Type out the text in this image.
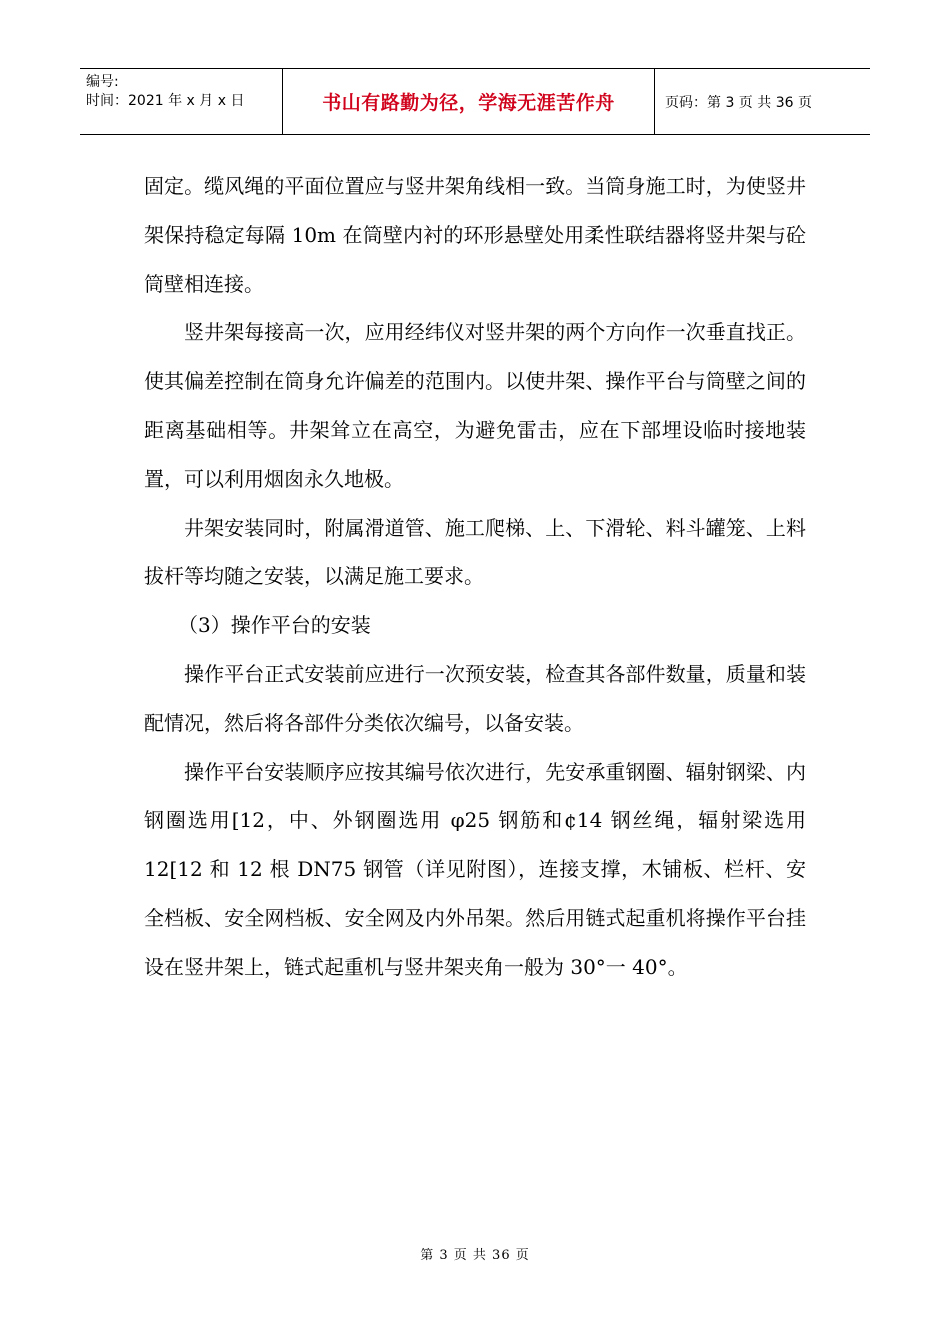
编号:
时间：2021 年 x 月 x 日	书山有路勤为径，学海无涯苦作舟	页码：第 3 页 共 36 页

固定。缆风绳的平面位置应与竖井架角线相一致。当筒身施工时，为使竖井架保持稳定每隔 10m 在筒壁内衬的环形悬壁处用柔性联结器将竖井架与砼筒壁相连接。

竖井架每接高一次，应用经纬仪对竖井架的两个方向作一次垂直找正。使其偏差控制在筒身允许偏差的范围内。以使井架、操作平台与筒壁之间的距离基础相等。井架耸立在高空，为避免雷击，应在下部埋设临时接地装置，可以利用烟囱永久地极。

井架安装同时，附属滑道管、施工爬梯、上、下滑轮、料斗罐笼、上料拔杆等均随之安装，以满足施工要求。

（3）操作平台的安装

操作平台正式安装前应进行一次预安装，检查其各部件数量，质量和装配情况，然后将各部件分类依次编号，以备安装。

操作平台安装顺序应按其编号依次进行，先安承重钢圈、辐射钢梁、内钢圈选用[12，中、外钢圈选用 φ25 钢筋和¢14 钢丝绳，辐射梁选用 12[12 和 12 根 DN75 钢管（详见附图），连接支撑，木铺板、栏杆、安全档板、安全网档板、安全网及内外吊架。然后用链式起重机将操作平台挂设在竖井架上，链式起重机与竖井架夹角一般为 30°一 40°。

第 3 页 共 36 页
